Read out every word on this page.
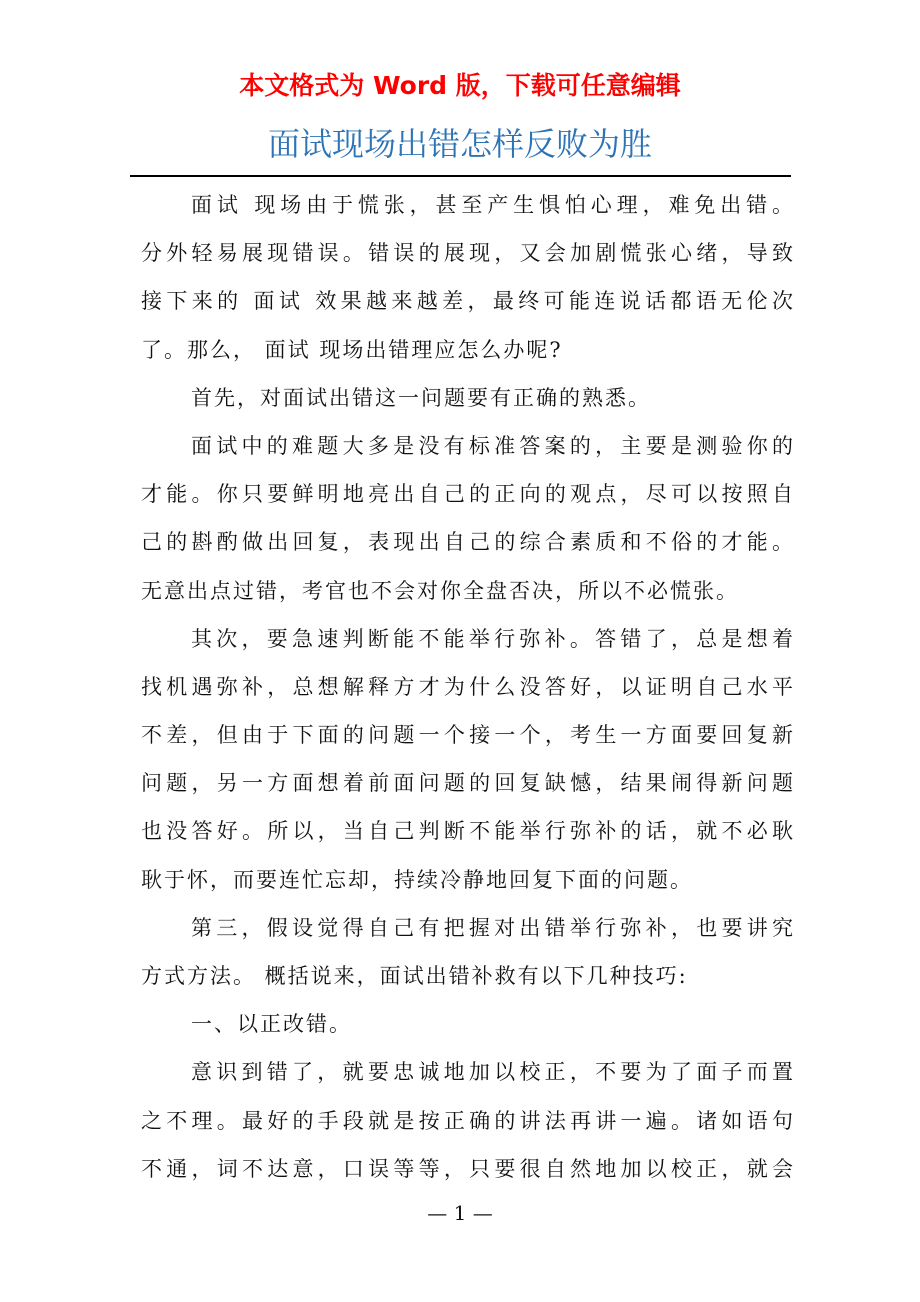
本文格式为 Word 版，下载可任意编辑
面试现场出错怎样反败为胜
面试 现场由于慌张，甚至产生惧怕心理，难免出错。
分外轻易展现错误。错误的展现，又会加剧慌张心绪，导致
接下来的 面试 效果越来越差，最终可能连说话都语无伦次
了。那么， 面试 现场出错理应怎么办呢?
首先，对面试出错这一问题要有正确的熟悉。
面试中的难题大多是没有标准答案的，主要是测验你的
才能。你只要鲜明地亮出自己的正向的观点，尽可以按照自
己的斟酌做出回复，表现出自己的综合素质和不俗的才能。
无意出点过错，考官也不会对你全盘否决，所以不必慌张。
其次，要急速判断能不能举行弥补。答错了，总是想着
找机遇弥补，总想解释方才为什么没答好，以证明自己水平
不差，但由于下面的问题一个接一个，考生一方面要回复新
问题，另一方面想着前面问题的回复缺憾，结果闹得新问题
也没答好。所以，当自己判断不能举行弥补的话，就不必耿
耿于怀，而要连忙忘却，持续冷静地回复下面的问题。
第三，假设觉得自己有把握对出错举行弥补，也要讲究
方式方法。 概括说来，面试出错补救有以下几种技巧:
一、以正改错。
意识到错了，就要忠诚地加以校正，不要为了面子而置
之不理。最好的手段就是按正确的讲法再讲一遍。诸如语句
不通，词不达意，口误等等，只要很自然地加以校正，就会
— 1 —
